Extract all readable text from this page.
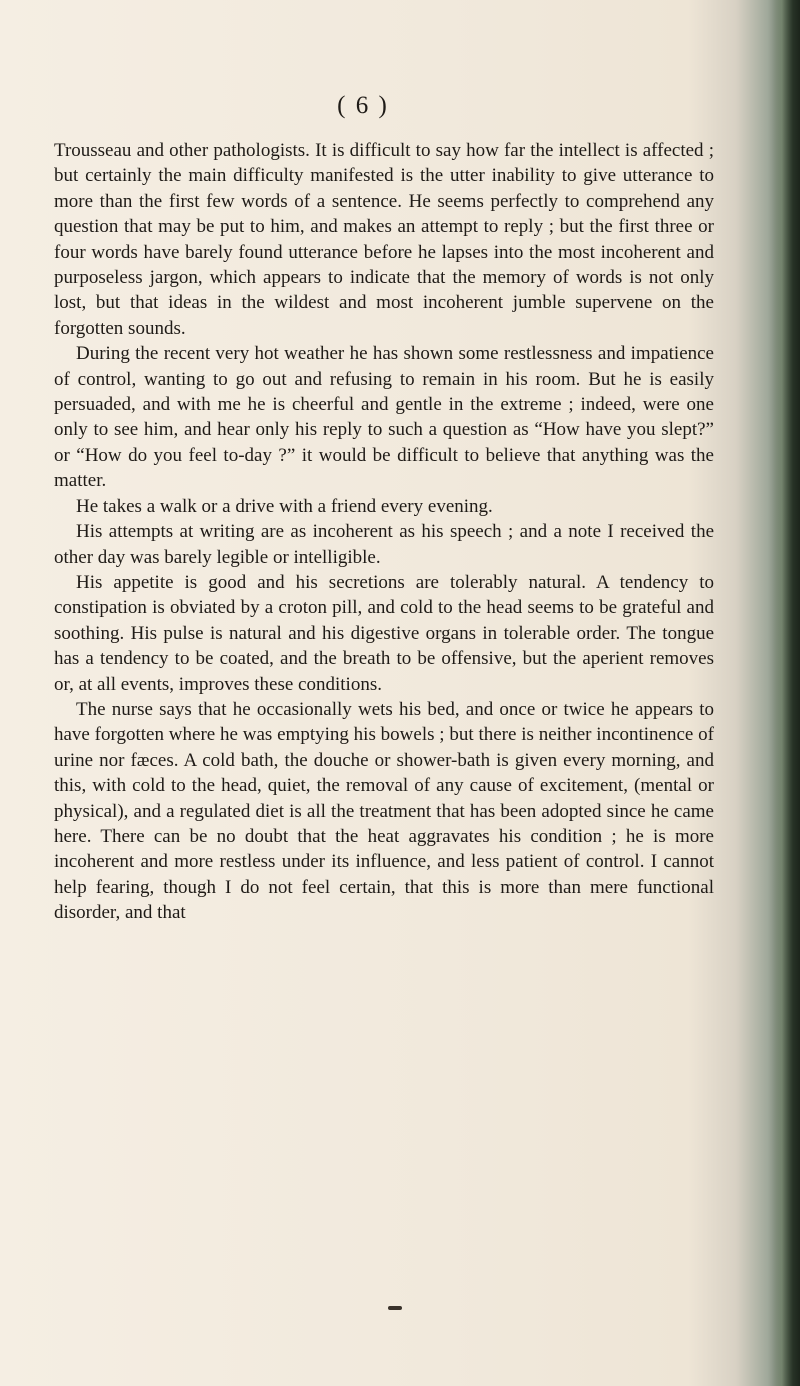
( 6 )

Trousseau and other pathologists. It is difficult to say how far the intellect is affected ; but certainly the main difficulty manifested is the utter inability to give utterance to more than the first few words of a sentence. He seems perfectly to comprehend any question that may be put to him, and makes an attempt to reply ; but the first three or four words have barely found utterance before he lapses into the most incoherent and purposeless jargon, which appears to indicate that the memory of words is not only lost, but that ideas in the wildest and most incoherent jumble supervene on the forgotten sounds.

During the recent very hot weather he has shown some restlessness and impatience of control, wanting to go out and refusing to remain in his room. But he is easily persuaded, and with me he is cheerful and gentle in the extreme ; indeed, were one only to see him, and hear only his reply to such a question as “How have you slept?” or “How do you feel to-day ?” it would be difficult to believe that anything was the matter.

He takes a walk or a drive with a friend every evening.

His attempts at writing are as incoherent as his speech ; and a note I received the other day was barely legible or intelligible.

His appetite is good and his secretions are tolerably natural. A tendency to constipation is obviated by a croton pill, and cold to the head seems to be grateful and soothing. His pulse is natural and his digestive organs in tolerable order. The tongue has a tendency to be coated, and the breath to be offensive, but the aperient removes or, at all events, improves these conditions.

The nurse says that he occasionally wets his bed, and once or twice he appears to have forgotten where he was emptying his bowels ; but there is neither incontinence of urine nor fæces. A cold bath, the douche or shower-bath is given every morning, and this, with cold to the head, quiet, the removal of any cause of excitement, (mental or physical), and a regulated diet is all the treatment that has been adopted since he came here. There can be no doubt that the heat aggravates his condition ; he is more incoherent and more restless under its influence, and less patient of control. I cannot help fearing, though I do not feel certain, that this is more than mere functional disorder, and that
